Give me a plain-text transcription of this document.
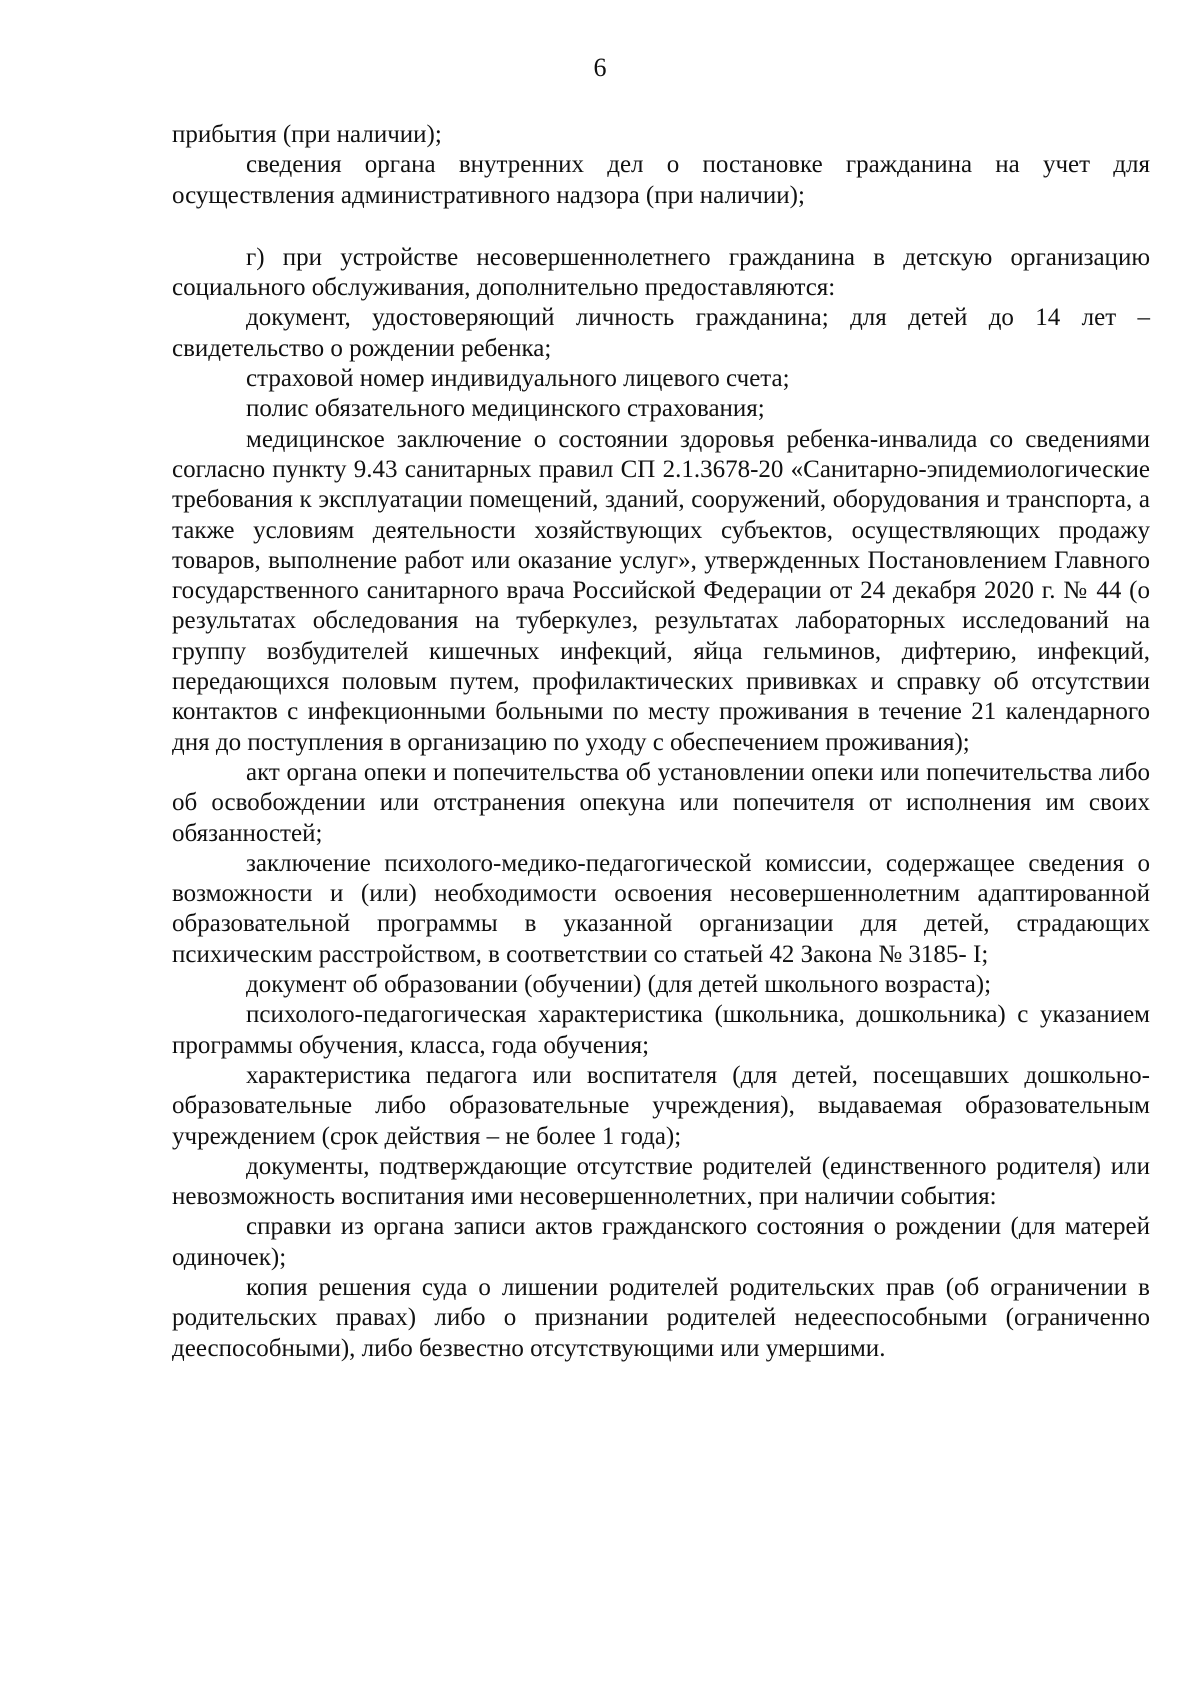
6

прибытия (при наличии);

сведения органа внутренних дел о постановке гражданина на учет для осуществления административного надзора (при наличии);

г) при устройстве несовершеннолетнего гражданина в детскую организацию социального обслуживания, дополнительно предоставляются:

документ, удостоверяющий личность гражданина; для детей до 14 лет – свидетельство о рождении ребенка;

страховой номер индивидуального лицевого счета;

полис обязательного медицинского страхования;

медицинское заключение о состоянии здоровья ребенка-инвалида со сведениями согласно пункту 9.43 санитарных правил СП 2.1.3678-20 «Санитарно-эпидемиологические требования к эксплуатации помещений, зданий, сооружений, оборудования и транспорта, а также условиям деятельности хозяйствующих субъектов, осуществляющих продажу товаров, выполнение работ или оказание услуг», утвержденных Постановлением Главного государственного санитарного врача Российской Федерации от 24 декабря 2020 г. № 44 (о результатах обследования на туберкулез, результатах лабораторных исследований на группу возбудителей кишечных инфекций, яйца гельминов, дифтерию, инфекций, передающихся половым путем, профилактических прививках и справку об отсутствии контактов с инфекционными больными по месту проживания в течение 21 календарного дня до поступления в организацию по уходу с обеспечением проживания);

акт органа опеки и попечительства об установлении опеки или попечительства либо об освобождении или отстранения опекуна или попечителя от исполнения им своих обязанностей;

заключение психолого-медико-педагогической комиссии, содержащее сведения о возможности и (или) необходимости освоения несовершеннолетним адаптированной образовательной программы в указанной организации для детей, страдающих психическим расстройством, в соответствии со статьей 42 Закона № 3185- I;

документ об образовании (обучении) (для детей школьного возраста);

психолого-педагогическая характеристика (школьника, дошкольника) с указанием программы обучения, класса, года обучения;

характеристика педагога или воспитателя (для детей, посещавших дошкольно-образовательные либо образовательные учреждения), выдаваемая образовательным учреждением (срок действия – не более 1 года);

документы, подтверждающие отсутствие родителей (единственного родителя) или невозможность воспитания ими несовершеннолетних, при наличии события:

справки из органа записи актов гражданского состояния о рождении (для матерей одиночек);

копия решения суда о лишении родителей родительских прав (об ограничении в родительских правах) либо о признании родителей недееспособными (ограниченно дееспособными), либо безвестно отсутствующими или умершими.
